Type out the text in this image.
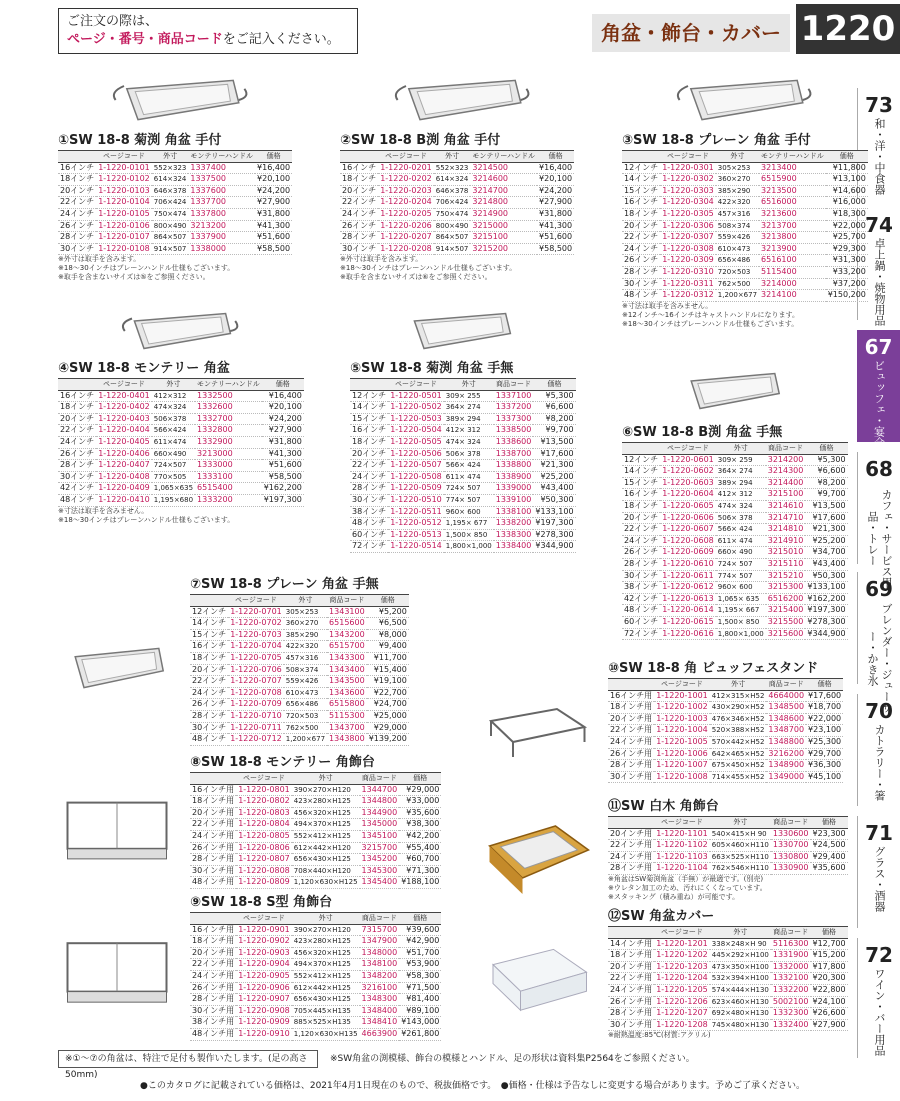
ご注文の際は、
ページ・番号・商品コードをご記入ください。	角盆・飾台・カバー 1220
73
和・洋・中食器
74
卓上鍋・焼物用品
67
ビュッフェ・宴会
68
カフェ・サービス用品・トレー
69
ブレンダー・ジューサー・かき氷
70
カトラリー・箸
71
グラス・酒器
72
ワイン・バー用品
①SW 18-8 菊渕 角盆 手付
	ページコード	外寸	モンテリーハンドル	価格
16インチ	1-1220-0101	552×323	1337400	¥16,400
18インチ	1-1220-0102	614×324	1337500	¥20,100
20インチ	1-1220-0103	646×378	1337600	¥24,200
22インチ	1-1220-0104	706×424	1337700	¥27,900
24インチ	1-1220-0105	750×474	1337800	¥31,800
26インチ	1-1220-0106	800×490	3213200	¥41,300
28インチ	1-1220-0107	864×507	1337900	¥51,600
30インチ	1-1220-0108	914×507	1338000	¥58,500
※外寸は取手を含みます。
※18〜30インチはブレーンハンドル仕様もございます。
※取手を含まないサイズは⑤をご参照ください。
②SW 18-8 B渕 角盆 手付
	ページコード	外寸	モンテリーハンドル	価格
16インチ	1-1220-0201	552×323	3214500	¥16,400
18インチ	1-1220-0202	614×324	3214600	¥20,100
20インチ	1-1220-0203	646×378	3214700	¥24,200
22インチ	1-1220-0204	706×424	3214800	¥27,900
24インチ	1-1220-0205	750×474	3214900	¥31,800
26インチ	1-1220-0206	800×490	3215000	¥41,300
28インチ	1-1220-0207	864×507	3215100	¥51,600
30インチ	1-1220-0208	914×507	3215200	¥58,500
※外寸は取手を含みます。
※18〜30インチはブレーンハンドル仕様もございます。
※取手を含まないサイズは⑥をご参照ください。
③SW 18-8 プレーン 角盆 手付
	ページコード	外寸	モンテリーハンドル	価格
12インチ	1-1220-0301	305×253	3213400	¥11,800
14インチ	1-1220-0302	360×270	6515900	¥13,100
15インチ	1-1220-0303	385×290	3213500	¥14,600
16インチ	1-1220-0304	422×320	6516000	¥16,000
18インチ	1-1220-0305	457×316	3213600	¥18,300
20インチ	1-1220-0306	508×374	3213700	¥22,000
22インチ	1-1220-0307	559×426	3213800	¥25,700
24インチ	1-1220-0308	610×473	3213900	¥29,300
26インチ	1-1220-0309	656×486	6516100	¥31,300
28インチ	1-1220-0310	720×503	5115400	¥33,200
30インチ	1-1220-0311	762×500	3214000	¥37,200
48インチ	1-1220-0312	1,200×677	3214100	¥150,200
※寸法は取手を含みません。
※12インチ〜16インチはキャストハンドルになります。
※18〜30インチはプレーンハンドル仕様もございます。
④SW 18-8 モンテリー 角盆
	ページコード	外寸	モンテリーハンドル	価格
16インチ	1-1220-0401	412×312	1332500	¥16,400
18インチ	1-1220-0402	474×324	1332600	¥20,100
20インチ	1-1220-0403	506×378	1332700	¥24,200
22インチ	1-1220-0404	566×424	1332800	¥27,900
24インチ	1-1220-0405	611×474	1332900	¥31,800
26インチ	1-1220-0406	660×490	3213000	¥41,300
28インチ	1-1220-0407	724×507	1333000	¥51,600
30インチ	1-1220-0408	770×505	1333100	¥58,500
42インチ	1-1220-0409	1,065×635	6515400	¥162,200
48インチ	1-1220-0410	1,195×680	1333200	¥197,300
※寸法は取手を含みません。
※18〜30インチはプレーンハンドル仕様もございます。
⑤SW 18-8 菊渕 角盆 手無
	ページコード	外寸	商品コード	価格
12インチ	1-1220-0501	309× 255	1337100	¥5,300
14インチ	1-1220-0502	364× 274	1337200	¥6,600
15インチ	1-1220-0503	389× 294	1337300	¥8,200
16インチ	1-1220-0504	412× 312	1338500	¥9,700
18インチ	1-1220-0505	474× 324	1338600	¥13,500
20インチ	1-1220-0506	506× 378	1338700	¥17,600
22インチ	1-1220-0507	566× 424	1338800	¥21,300
24インチ	1-1220-0508	611× 474	1338900	¥25,200
28インチ	1-1220-0509	724× 507	1339000	¥43,400
30インチ	1-1220-0510	774× 507	1339100	¥50,300
38インチ	1-1220-0511	960× 600	1338100	¥133,100
48インチ	1-1220-0512	1,195× 677	1338200	¥197,300
60インチ	1-1220-0513	1,500× 850	1338300	¥278,300
72インチ	1-1220-0514	1,800×1,000	1338400	¥344,900
⑥SW 18-8 B渕 角盆 手無
	ページコード	外寸	商品コード	価格
12インチ	1-1220-0601	309× 259	3214200	¥5,300
14インチ	1-1220-0602	364× 274	3214300	¥6,600
15インチ	1-1220-0603	389× 294	3214400	¥8,200
16インチ	1-1220-0604	412× 312	3215100	¥9,700
18インチ	1-1220-0605	474× 324	3214610	¥13,500
20インチ	1-1220-0606	506× 378	3214710	¥17,600
22インチ	1-1220-0607	566× 424	3214810	¥21,300
24インチ	1-1220-0608	611× 474	3214910	¥25,200
26インチ	1-1220-0609	660× 490	3215010	¥34,700
28インチ	1-1220-0610	724× 507	3215110	¥43,400
30インチ	1-1220-0611	774× 507	3215210	¥50,300
38インチ	1-1220-0612	960× 600	3215300	¥133,100
42インチ	1-1220-0613	1,065× 635	6516200	¥162,200
48インチ	1-1220-0614	1,195× 667	3215400	¥197,300
60インチ	1-1220-0615	1,500× 850	3215500	¥278,300
72インチ	1-1220-0616	1,800×1,000	3215600	¥344,900
⑦SW 18-8 プレーン 角盆 手無
	ページコード	外寸	商品コード	価格
12インチ	1-1220-0701	305×253	1343100	¥5,200
14インチ	1-1220-0702	360×270	6515600	¥6,500
15インチ	1-1220-0703	385×290	1343200	¥8,000
16インチ	1-1220-0704	422×320	6515700	¥9,400
18インチ	1-1220-0705	457×316	1343300	¥11,700
20インチ	1-1220-0706	508×374	1343400	¥15,400
22インチ	1-1220-0707	559×426	1343500	¥19,100
24インチ	1-1220-0708	610×473	1343600	¥22,700
26インチ	1-1220-0709	656×486	6515800	¥24,700
28インチ	1-1220-0710	720×503	5115300	¥25,000
30インチ	1-1220-0711	762×500	1343700	¥29,000
48インチ	1-1220-0712	1,200×677	1343800	¥139,200
⑧SW 18-8 モンテリー 角飾台
	ページコード	外寸	商品コード	価格
16インチ用	1-1220-0801	390×270×H120	1344700	¥29,000
18インチ用	1-1220-0802	423×280×H125	1344800	¥33,000
20インチ用	1-1220-0803	456×320×H125	1344900	¥35,600
22インチ用	1-1220-0804	494×370×H125	1345000	¥38,300
24インチ用	1-1220-0805	552×412×H125	1345100	¥42,200
26インチ用	1-1220-0806	612×442×H120	3215700	¥55,400
28インチ用	1-1220-0807	656×430×H125	1345200	¥60,700
30インチ用	1-1220-0808	708×440×H120	1345300	¥71,300
48インチ用	1-1220-0809	1,120×630×H125	1345400	¥188,100
⑨SW 18-8 S型 角飾台
	ページコード	外寸	商品コード	価格
16インチ用	1-1220-0901	390×270×H120	7315700	¥39,600
18インチ用	1-1220-0902	423×280×H125	1347900	¥42,900
20インチ用	1-1220-0903	456×320×H125	1348000	¥51,700
22インチ用	1-1220-0904	494×370×H125	1348100	¥53,900
24インチ用	1-1220-0905	552×412×H125	1348200	¥58,300
26インチ用	1-1220-0906	612×442×H125	3216100	¥71,500
28インチ用	1-1220-0907	656×430×H125	1348300	¥81,400
30インチ用	1-1220-0908	705×445×H135	1348400	¥89,100
38インチ用	1-1220-0909	885×525×H135	1348410	¥143,000
48インチ用	1-1220-0910	1,120×630×H135	4663900	¥261,800
⑩SW 18-8 角 ビュッフェスタンド
	ページコード	外寸	商品コード	価格
16インチ用	1-1220-1001	412×315×H52	4664000	¥17,600
18インチ用	1-1220-1002	430×290×H52	1348500	¥18,700
20インチ用	1-1220-1003	476×346×H52	1348600	¥22,000
22インチ用	1-1220-1004	520×388×H52	1348700	¥23,100
24インチ用	1-1220-1005	570×442×H52	1348800	¥25,300
26インチ用	1-1220-1006	642×465×H52	3216200	¥29,700
28インチ用	1-1220-1007	675×450×H52	1348900	¥36,300
30インチ用	1-1220-1008	714×455×H52	1349000	¥45,100
⑪SW 白木 角飾台
	ページコード	外寸	商品コード	価格
20インチ用	1-1220-1101	540×415×H 90	1330600	¥23,300
22インチ用	1-1220-1102	605×460×H110	1330700	¥24,500
24インチ用	1-1220-1103	663×525×H110	1330800	¥29,400
28インチ用	1-1220-1104	762×546×H110	1330900	¥35,600
※角盆はSW菊渕角盆（手無）が最適です。(別売)
※ウレタン加工のため、汚れにくくなっています。
※スタッキング（積み重ね）が可能です。
⑫SW 角盆カバー
	ページコード	外寸	商品コード	価格
14インチ用	1-1220-1201	338×248×H 90	5116300	¥12,700
18インチ用	1-1220-1202	445×292×H100	1331900	¥15,200
20インチ用	1-1220-1203	473×350×H100	1332000	¥17,800
22インチ用	1-1220-1204	532×394×H100	1332100	¥20,300
24インチ用	1-1220-1205	574×444×H130	1332200	¥22,800
26インチ用	1-1220-1206	623×460×H130	5002100	¥24,100
28インチ用	1-1220-1207	692×480×H130	1332300	¥26,600
30インチ用	1-1220-1208	745×480×H130	1332400	¥27,900
※耐熱温度:85℃(材質:アクリル)
※①〜⑦の角盆は、特注で足付も製作いたします。(足の高さ50mm)
※SW角盆の渕模様、飾台の模様とハンドル、足の形状は資料集P2564をご参照ください。
●このカタログに記載されている価格は、2021年4月1日現在のもので、税抜価格です。　●価格・仕様は予告なしに変更する場合があります。予めご了承ください。
